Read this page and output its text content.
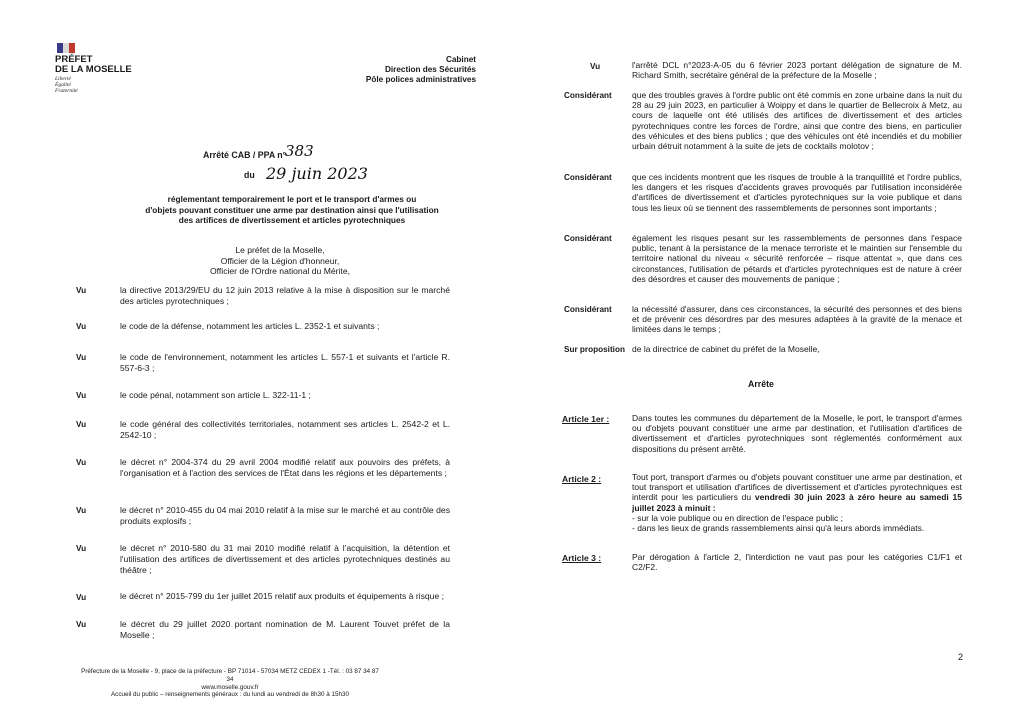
PRÉFET
DE LA MOSELLE
Liberté
Égalité
Fraternité
Cabinet
Direction des Sécurités
Pôle polices administratives
Arrêté CAB / PPA n°
383
du 29 juin 2023
réglementant temporairement le port et le transport d'armes ou
d'objets pouvant constituer une arme par destination ainsi que l'utilisation
des artifices de divertissement et articles pyrotechniques
Le préfet de la Moselle,
Officier de la Légion d'honneur,
Officier de l'Ordre national du Mérite,
Vu	la directive 2013/29/EU du 12 juin 2013 relative à la mise à disposition sur le marché des articles pyrotechniques ;
Vu	le code de la défense, notamment les articles L. 2352-1 et suivants ;
Vu	le code de l'environnement, notamment les articles L. 557-1 et suivants et l'article R. 557-6-3 ;
Vu	le code pénal, notamment son article L. 322-11-1 ;
Vu	le code général des collectivités territoriales, notamment ses articles L. 2542-2 et L. 2542-10 ;
Vu	le décret n° 2004-374 du 29 avril 2004 modifié relatif aux pouvoirs des préfets, à l'organisation et à l'action des services de l'État dans les régions et les départements ;
Vu	le décret n° 2010-455 du 04 mai 2010 relatif à la mise sur le marché et au contrôle des produits explosifs ;
Vu	le décret n° 2010-580 du 31 mai 2010 modifié relatif à l'acquisition, la détention et l'utilisation des artifices de divertissement et des articles pyrotechniques destinés au théâtre ;
Vu	le décret n° 2015-799 du 1er juillet 2015 relatif aux produits et équipements à risque ;
Vu	le décret du 29 juillet 2020 portant nomination de M. Laurent Touvet préfet de la Moselle ;
Préfecture de la Moselle - 9, place de la préfecture - BP 71014 - 57034 METZ CEDEX 1 -Tél. : 03 87 34 87 34
www.moselle.gouv.fr
Accueil du public – renseignements généraux : du lundi au vendredi de 8h30 à 15h30
Vu	l'arrêté DCL n°2023-A-05 du 6 février 2023 portant délégation de signature de M. Richard Smith, secrétaire général de la préfecture de la Moselle ;
Considérant que des troubles graves à l'ordre public ont été commis en zone urbaine dans la nuit du 28 au 29 juin 2023, en particulier à Woippy et dans le quartier de Bellecroix à Metz, au cours de laquelle ont été utilisés des artifices de divertissement et des articles pyrotechniques contre les forces de l'ordre, ainsi que contre des biens, en particulier des véhicules et des biens publics ; que des véhicules ont été incendiés et du mobilier urbain détruit notamment à la suite de jets de cocktails molotov ;
Considérant que ces incidents montrent que les risques de trouble à la tranquillité et l'ordre publics, les dangers et les risques d'accidents graves provoqués par l'utilisation inconsidérée d'artifices de divertissement et d'articles pyrotechniques sur la voie publique et dans tous les lieux où se tiennent des rassemblements de personnes sont importants ;
Considérant également les risques pesant sur les rassemblements de personnes dans l'espace public, tenant à la persistance de la menace terroriste et le maintien sur l'ensemble du territoire national du niveau « sécurité renforcée – risque attentat », que dans ces circonstances, l'utilisation de pétards et d'articles pyrotechniques est de nature à créer des désordres et causer des mouvements de panique ;
Considérant la nécessité d'assurer, dans ces circonstances, la sécurité des personnes et des biens et de prévenir ces désordres par des mesures adaptées à la gravité de la menace et limitées dans le temps ;
Sur proposition de la directrice de cabinet du préfet de la Moselle,
Arrête
Article 1er :	Dans toutes les communes du département de la Moselle, le port, le transport d'armes ou d'objets pouvant constituer une arme par destination, et l'utilisation d'artifices de divertissement et d'articles pyrotechniques sont réglementés conformément aux dispositions du présent arrêté.
Article 2 :	Tout port, transport d'armes ou d'objets pouvant constituer une arme par destination, et tout transport et utilisation d'artifices de divertissement et d'articles pyrotechniques est interdit pour les particuliers du vendredi 30 juin 2023 à zéro heure au samedi 15 juillet 2023 à minuit :
- sur la voie publique ou en direction de l'espace public ;
- dans les lieux de grands rassemblements ainsi qu'à leurs abords immédiats.
Article 3 :	Par dérogation à l'article 2, l'interdiction ne vaut pas pour les catégories C1/F1 et C2/F2.
2
